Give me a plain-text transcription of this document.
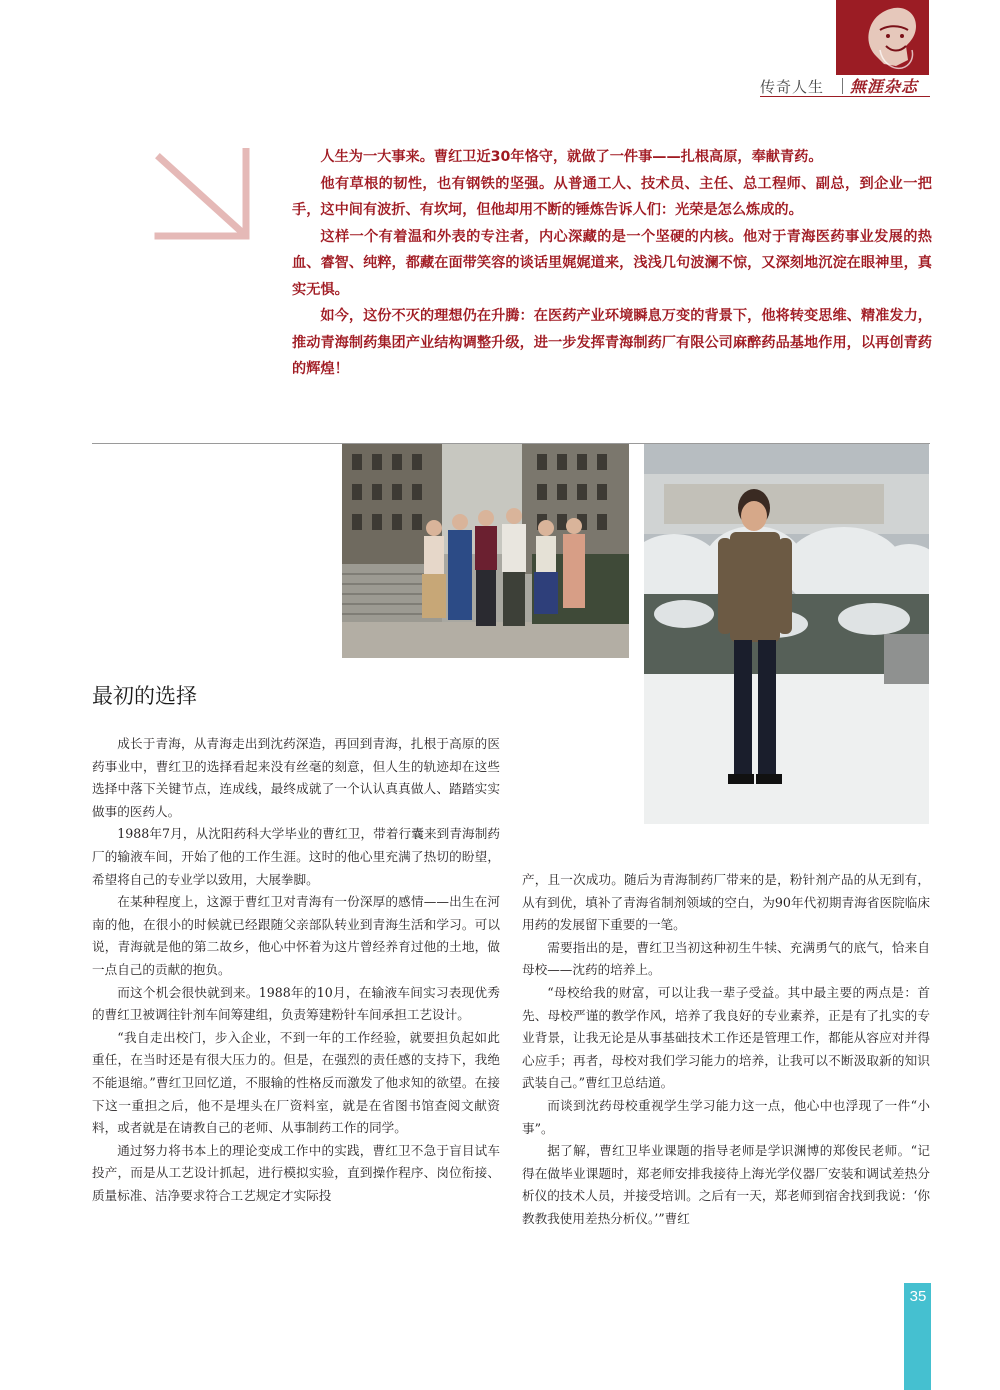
传奇人生 無涯杂志

人生为一大事来。曹红卫近30年恪守，就做了一件事——扎根高原，奉献青药。

他有草根的韧性，也有钢铁的坚强。从普通工人、技术员、主任、总工程师、副总，到企业一把手，这中间有波折、有坎坷，但他却用不断的锤炼告诉人们：光荣是怎么炼成的。

这样一个有着温和外表的专注者，内心深藏的是一个坚硬的内核。他对于青海医药事业发展的热血、睿智、纯粹，都藏在面带笑容的谈话里娓娓道来，浅浅几句波澜不惊，又深刻地沉淀在眼神里，真实无惧。

如今，这份不灭的理想仍在升腾：在医药产业环境瞬息万变的背景下，他将转变思维、精准发力，推动青海制药集团产业结构调整升级，进一步发挥青海制药厂有限公司麻醉药品基地作用，以再创青药的辉煌！

最初的选择

成长于青海，从青海走出到沈药深造，再回到青海，扎根于高原的医药事业中，曹红卫的选择看起来没有丝毫的刻意，但人生的轨迹却在这些选择中落下关键节点，连成线，最终成就了一个认认真真做人、踏踏实实做事的医药人。

1988年7月，从沈阳药科大学毕业的曹红卫，带着行囊来到青海制药厂的输液车间，开始了他的工作生涯。这时的他心里充满了热切的盼望，希望将自己的专业学以致用，大展拳脚。

在某种程度上，这源于曹红卫对青海有一份深厚的感情——出生在河南的他，在很小的时候就已经跟随父亲部队转业到青海生活和学习。可以说，青海就是他的第二故乡，他心中怀着为这片曾经养育过他的土地，做一点自己的贡献的抱负。

而这个机会很快就到来。1988年的10月，在输液车间实习表现优秀的曹红卫被调往针剂车间筹建组，负责筹建粉针车间承担工艺设计。

“我自走出校门，步入企业，不到一年的工作经验，就要担负起如此重任，在当时还是有很大压力的。但是，在强烈的责任感的支持下，我绝不能退缩。”曹红卫回忆道，不服输的性格反而激发了他求知的欲望。在接下这一重担之后，他不是埋头在厂资料室，就是在省图书馆查阅文献资料，或者就是在请教自己的老师、从事制药工作的同学。

通过努力将书本上的理论变成工作中的实践，曹红卫不急于盲目试车投产，而是从工艺设计抓起，进行模拟实验，直到操作程序、岗位衔接、质量标准、洁净要求符合工艺规定才实际投

产，且一次成功。随后为青海制药厂带来的是，粉针剂产品的从无到有，从有到优，填补了青海省制剂领域的空白，为90年代初期青海省医院临床用药的发展留下重要的一笔。

需要指出的是，曹红卫当初这种初生牛犊、充满勇气的底气，恰来自母校——沈药的培养上。

“母校给我的财富，可以让我一辈子受益。其中最主要的两点是：首先、母校严谨的教学作风，培养了我良好的专业素养，正是有了扎实的专业背景，让我无论是从事基础技术工作还是管理工作，都能从容应对并得心应手；再者，母校对我们学习能力的培养，让我可以不断汲取新的知识武装自己。”曹红卫总结道。

而谈到沈药母校重视学生学习能力这一点，他心中也浮现了一件“小事”。

据了解，曹红卫毕业课题的指导老师是学识渊博的郑俊民老师。“记得在做毕业课题时，郑老师安排我接待上海光学仪器厂安装和调试差热分析仪的技术人员，并接受培训。之后有一天，郑老师到宿舍找到我说：‘你教教我使用差热分析仪。’”曹红

35
